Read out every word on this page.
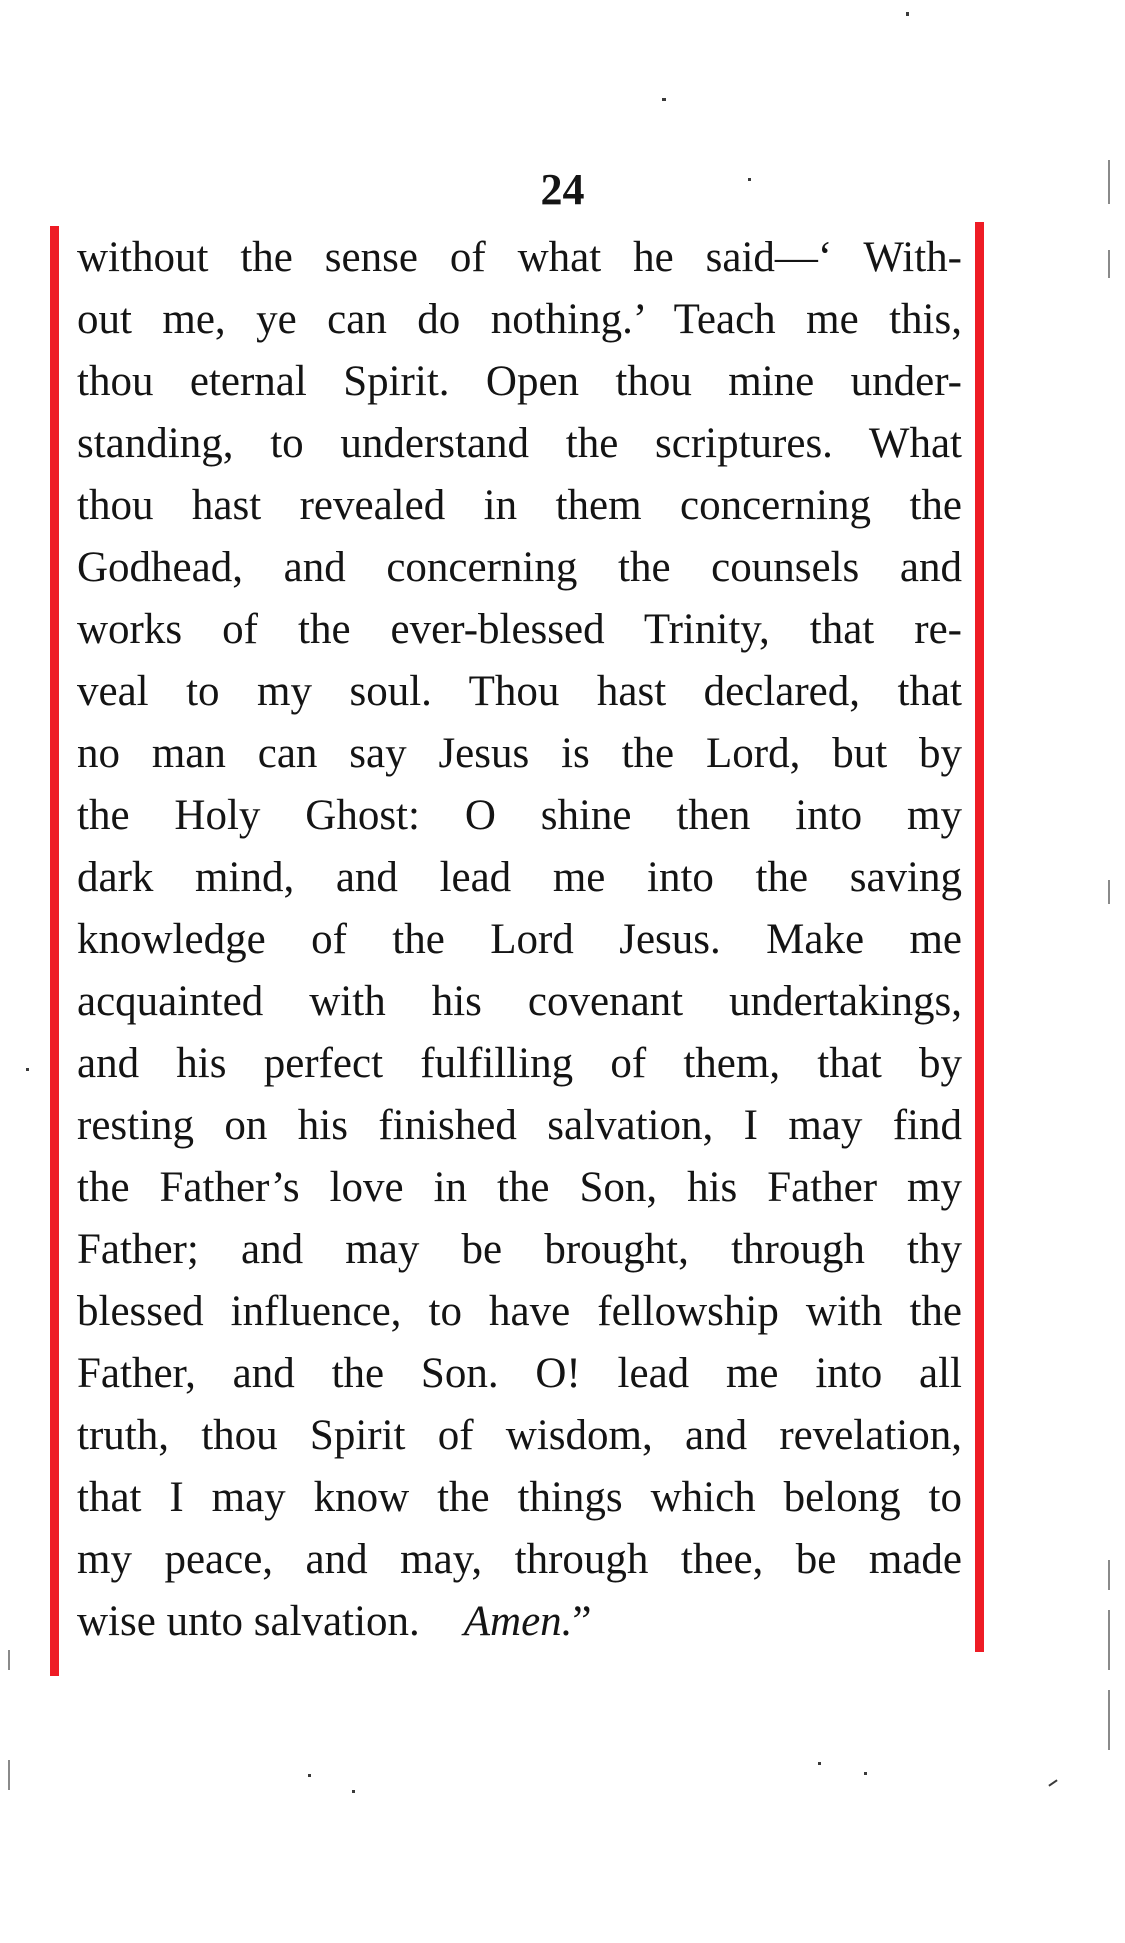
24
without the sense of what he said—‘ With-
out me, ye can do nothing.’ Teach me this,
thou eternal Spirit. Open thou mine under-
standing, to understand the scriptures. What
thou hast revealed in them concerning the
Godhead, and concerning the counsels and
works of the ever-blessed Trinity, that re-
veal to my soul. Thou hast declared, that
no man can say Jesus is the Lord, but by
the Holy Ghost: O shine then into my
dark mind, and lead me into the saving
knowledge of the Lord Jesus. Make me
acquainted with his covenant undertakings,
and his perfect fulfilling of them, that by
resting on his finished salvation, I may find
the Father’s love in the Son, his Father my
Father; and may be brought, through thy
blessed influence, to have fellowship with the
Father, and the Son. O! lead me into all
truth, thou Spirit of wisdom, and revelation,
that I may know the things which belong to
my peace, and may, through thee, be made
wise unto salvation. Amen.”
